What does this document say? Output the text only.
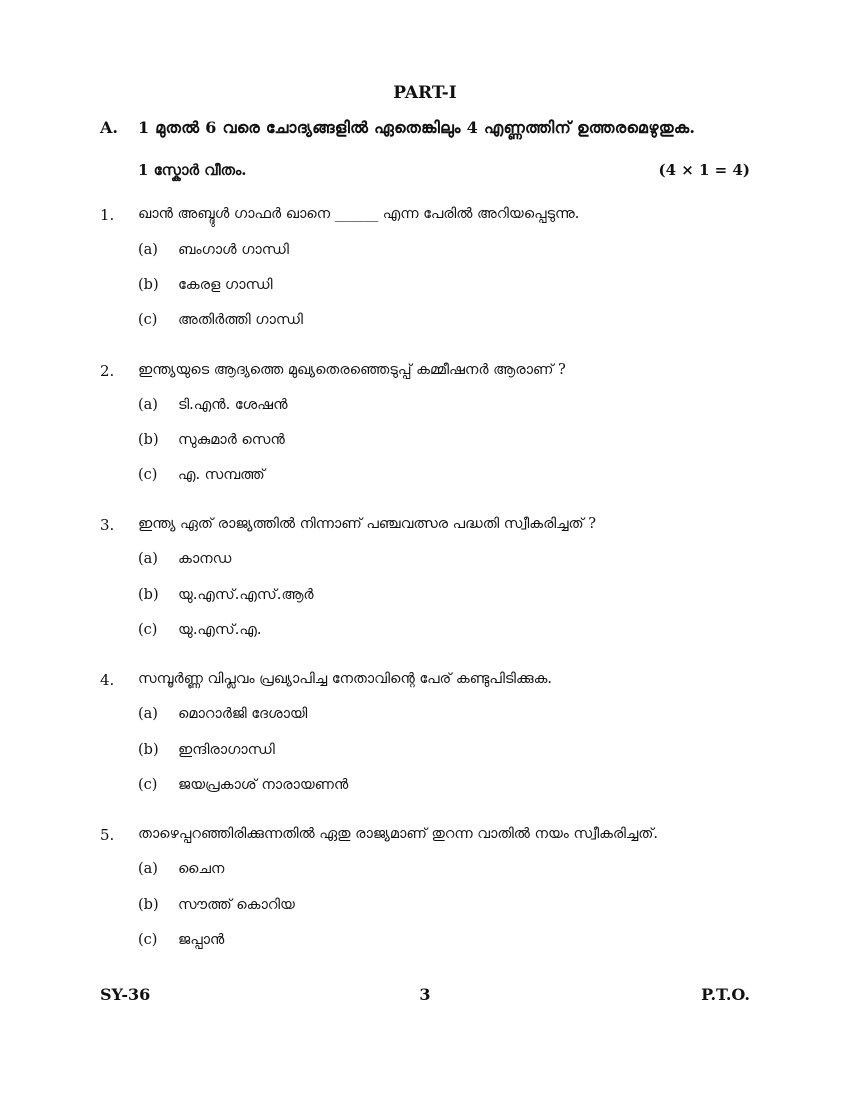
PART-I
A. 1 മുതൽ 6 വരെ ചോദ്യങ്ങളിൽ ഏതെങ്കിലും 4 എണ്ണത്തിന് ഉത്തരമെഴുതുക.
1 സ്കോർ വീതം.	(4 × 1 = 4)
1. ഖാൻ അബ്ദുൾ ഗാഫർ ഖാനെ ______ എന്ന പേരിൽ അറിയപ്പെടുന്നു.
(a) ബംഗാൾ ഗാന്ധി
(b) കേരള ഗാന്ധി
(c) അതിർത്തി ഗാന്ധി
2. ഇന്ത്യയുടെ ആദ്യത്തെ മുഖ്യതെരഞ്ഞെടുപ്പ് കമ്മീഷനർ ആരാണ് ?
(a) ടി.എൻ. ശേഷൻ
(b) സുകുമാർ സെൻ
(c) എ. സമ്പത്ത്
3. ഇന്ത്യ ഏത് രാജ്യത്തിൽ നിന്നാണ് പഞ്ചവത്സര പദ്ധതി സ്വീകരിച്ചത് ?
(a) കാനഡ
(b) യു.എസ്.എസ്.ആർ
(c) യു.എസ്.എ.
4. സമ്പൂർണ്ണ വിപ്ലവം പ്രഖ്യാപിച്ച നേതാവിന്റെ പേര് കണ്ടുപിടിക്കുക.
(a) മൊറാർജി ദേശായി
(b) ഇന്ദിരാഗാന്ധി
(c) ജയപ്രകാശ് നാരായണൻ
5. താഴെപ്പറഞ്ഞിരിക്കുന്നതിൽ ഏതു രാജ്യമാണ് തുറന്ന വാതിൽ നയം സ്വീകരിച്ചത്.
(a) ചൈന
(b) സൗത്ത് കൊറിയ
(c) ജപ്പാൻ
SY-36	3	P.T.O.
